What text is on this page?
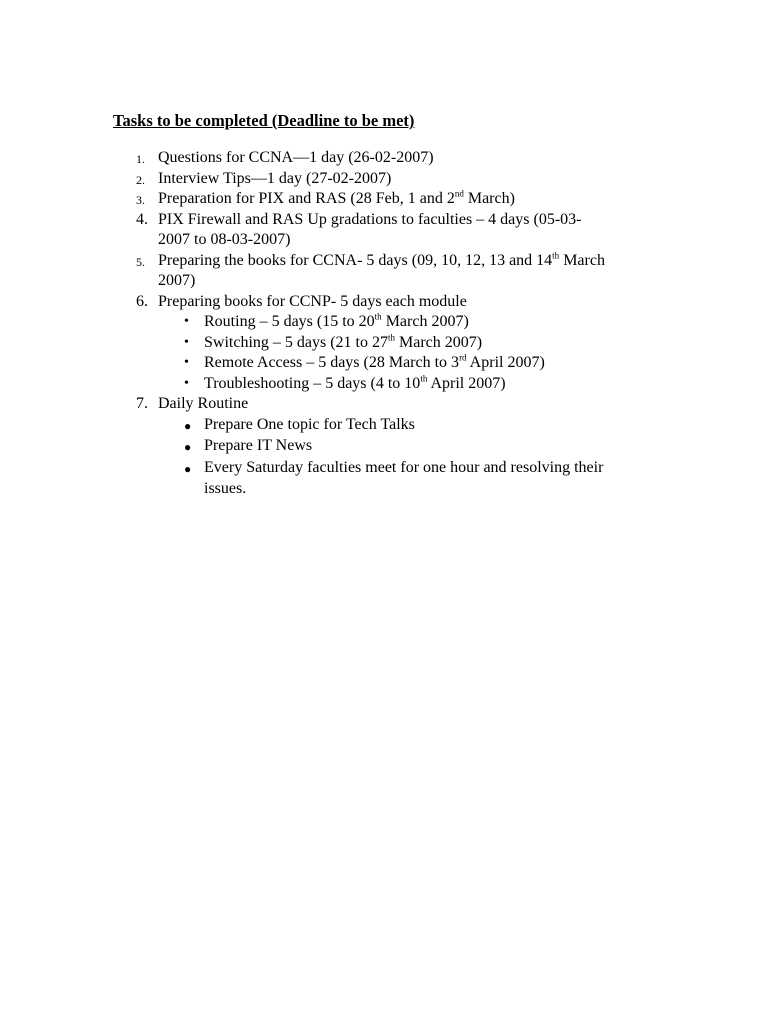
Tasks to be completed (Deadline to be met)
1. Questions for CCNA—1 day (26-02-2007)
2. Interview Tips—1 day (27-02-2007)
3. Preparation for PIX and RAS (28 Feb, 1 and 2nd March)
4. PIX Firewall and RAS Up gradations to faculties – 4 days (05-03-
2007 to 08-03-2007)
5. Preparing the books for CCNA- 5 days (09, 10, 12, 13 and 14th March
2007)
6. Preparing books for CCNP- 5 days each module
• Routing – 5 days (15 to 20th March 2007)
• Switching – 5 days (21 to 27th March 2007)
• Remote Access – 5 days (28 March to 3rd April 2007)
• Troubleshooting – 5 days (4 to 10th April 2007)
7. Daily Routine
● Prepare One topic for Tech Talks
● Prepare IT News
● Every Saturday faculties meet for one hour and resolving their
issues.
